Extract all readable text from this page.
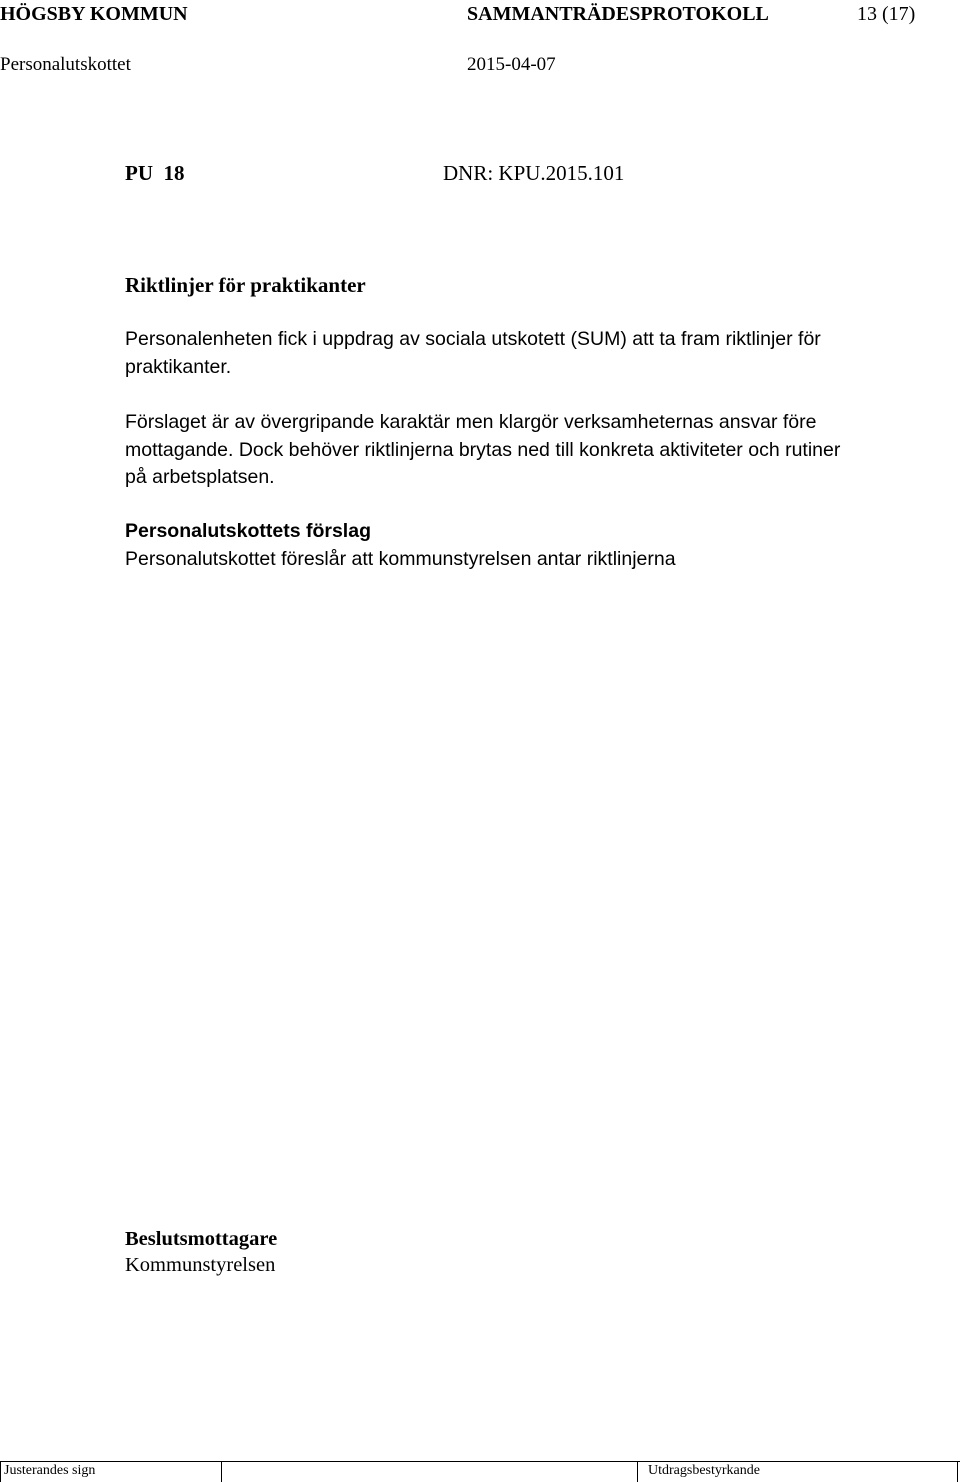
HÖGSBY KOMMUN	SAMMANTRÄDESPROTOKOLL	13 (17)
Personalutskottet	2015-04-07
PU  18	DNR: KPU.2015.101
Riktlinjer för praktikanter
Personalenheten fick i uppdrag av sociala utskotett (SUM) att ta fram riktlinjer för praktikanter.
Förslaget är av övergripande karaktär men klargör verksamheternas ansvar före mottagande. Dock behöver riktlinjerna brytas ned till konkreta aktiviteter och rutiner på arbetsplatsen.
Personalutskottets förslag
Personalutskottet föreslår att kommunstyrelsen antar riktlinjerna
Beslutsmottagare
Kommunstyrelsen
Justerandes sign	Utdragsbestyrkande
